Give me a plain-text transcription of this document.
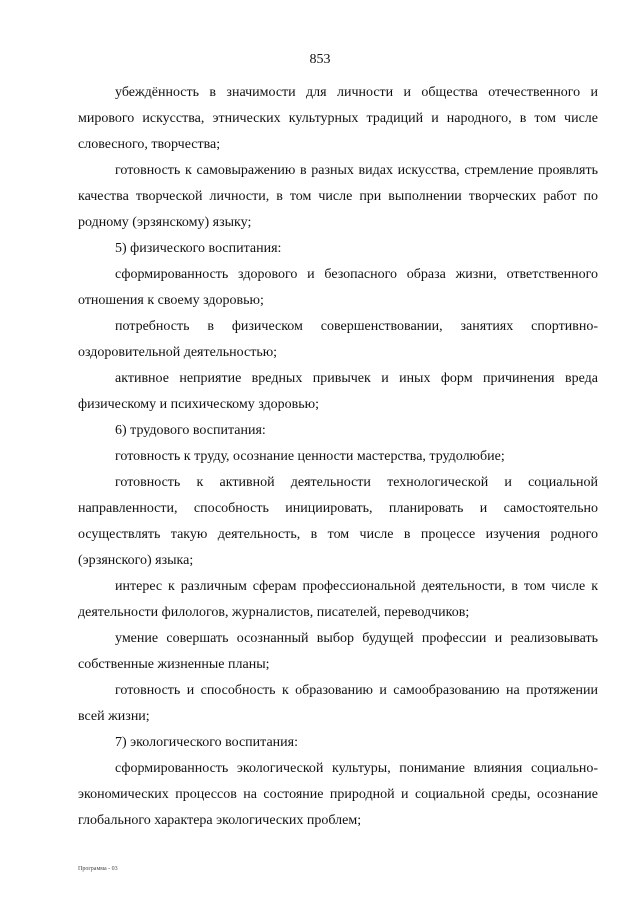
853

убеждённость в значимости для личности и общества отечественного и мирового искусства, этнических культурных традиций и народного, в том числе словесного, творчества;

готовность к самовыражению в разных видах искусства, стремление проявлять качества творческой личности, в том числе при выполнении творческих работ по родному (эрзянскому) языку;

5) физического воспитания:

сформированность здорового и безопасного образа жизни, ответственного отношения к своему здоровью;

потребность в физическом совершенствовании, занятиях спортивно-оздоровительной деятельностью;

активное неприятие вредных привычек и иных форм причинения вреда физическому и психическому здоровью;

6) трудового воспитания:

готовность к труду, осознание ценности мастерства, трудолюбие;

готовность к активной деятельности технологической и социальной направленности, способность инициировать, планировать и самостоятельно осуществлять такую деятельность, в том числе в процессе изучения родного (эрзянского) языка;

интерес к различным сферам профессиональной деятельности, в том числе к деятельности филологов, журналистов, писателей, переводчиков;

умение совершать осознанный выбор будущей профессии и реализовывать собственные жизненные планы;

готовность и способность к образованию и самообразованию на протяжении всей жизни;

7) экологического воспитания:

сформированность экологической культуры, понимание влияния социально-экономических процессов на состояние природной и социальной среды, осознание глобального характера экологических проблем;

Программа - 03
